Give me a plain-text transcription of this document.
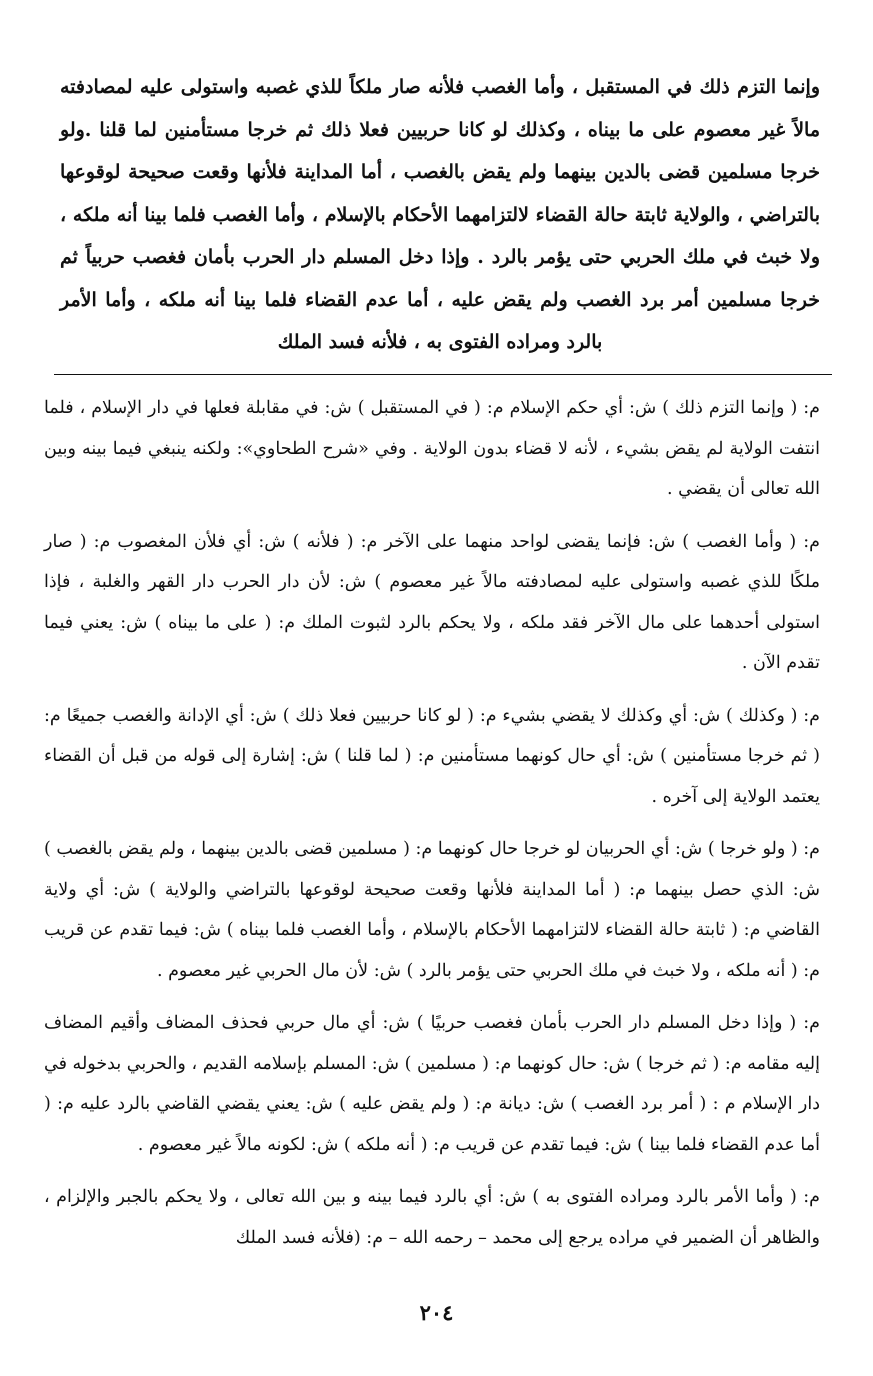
وإنما التزم ذلك في المستقبل ، وأما الغصب فلأنه صار ملكاً للذي غصبه واستولى عليه لمصادفته مالاً غير معصوم على ما بيناه ، وكذلك لو كانا حربيين فعلا ذلك ثم خرجا مستأمنين لما قلنا .ولو خرجا مسلمين قضى بالدين بينهما ولم يقض بالغصب ، أما المداينة فلأنها وقعت صحيحة لوقوعها بالتراضي ، والولاية ثابتة حالة القضاء لالتزامهما الأحكام بالإسلام ، وأما الغصب فلما بينا أنه ملكه ، ولا خبث في ملك الحربي حتى يؤمر بالرد . وإذا دخل المسلم دار الحرب بأمان فغصب حربياً ثم خرجا مسلمين أمر برد الغصب ولم يقض عليه ، أما عدم القضاء فلما بينا أنه ملكه ، وأما الأمر بالرد ومراده الفتوى به ، فلأنه فسد الملك

م: ( وإنما التزم ذلك ) ش: أي حكم الإسلام م: ( في المستقبل ) ش: في مقابلة فعلها في دار الإسلام ، فلما انتفت الولاية لم يقض بشيء ، لأنه لا قضاء بدون الولاية . وفي «شرح الطحاوي»: ولكنه ينبغي فيما بينه وبين الله تعالى أن يقضي .

م: ( وأما الغصب ) ش: فإنما يقضى لواحد منهما على الآخر م: ( فلأنه ) ش: أي فلأن المغصوب م: ( صار ملكًا للذي غصبه واستولى عليه لمصادفته مالاً غير معصوم ) ش: لأن دار الحرب دار القهر والغلبة ، فإذا استولى أحدهما على مال الآخر فقد ملكه ، ولا يحكم بالرد لثبوت الملك م: ( على ما بيناه ) ش: يعني فيما تقدم الآن .

م: ( وكذلك ) ش: أي وكذلك لا يقضي بشيء م: ( لو كانا حربيين فعلا ذلك ) ش: أي الإدانة والغصب جميعًا م: ( ثم خرجا مستأمنين ) ش: أي حال كونهما مستأمنين م: ( لما قلنا ) ش: إشارة إلى قوله من قبل أن القضاء يعتمد الولاية إلى آخره .

م: ( ولو خرجا ) ش: أي الحربيان لو خرجا حال كونهما م: ( مسلمين قضى بالدين بينهما ، ولم يقض بالغصب ) ش: الذي حصل بينهما م: ( أما المداينة فلأنها وقعت صحيحة لوقوعها بالتراضي والولاية ) ش: أي ولاية القاضي م: ( ثابتة حالة القضاء لالتزامهما الأحكام بالإسلام ، وأما الغصب فلما بيناه ) ش: فيما تقدم عن قريب م: ( أنه ملكه ، ولا خبث في ملك الحربي حتى يؤمر بالرد ) ش: لأن مال الحربي غير معصوم .

م: ( وإذا دخل المسلم دار الحرب بأمان فغصب حربيًا ) ش: أي مال حربي فحذف المضاف وأقيم المضاف إليه مقامه م: ( ثم خرجا ) ش: حال كونهما م: ( مسلمين ) ش: المسلم بإسلامه القديم ، والحربي بدخوله في دار الإسلام م : ( أمر برد الغصب ) ش: ديانة م: ( ولم يقض عليه ) ش: يعني يقضي القاضي بالرد عليه م: ( أما عدم القضاء فلما بينا ) ش: فيما تقدم عن قريب م: ( أنه ملكه ) ش: لكونه مالاً غير معصوم .

م: ( وأما الأمر بالرد ومراده الفتوى به ) ش: أي بالرد فيما بينه و بين الله تعالى ، ولا يحكم بالجبر والإلزام ، والظاهر أن الضمير في مراده يرجع إلى محمد – رحمه الله – م: (فلأنه فسد الملك

٢٠٤
